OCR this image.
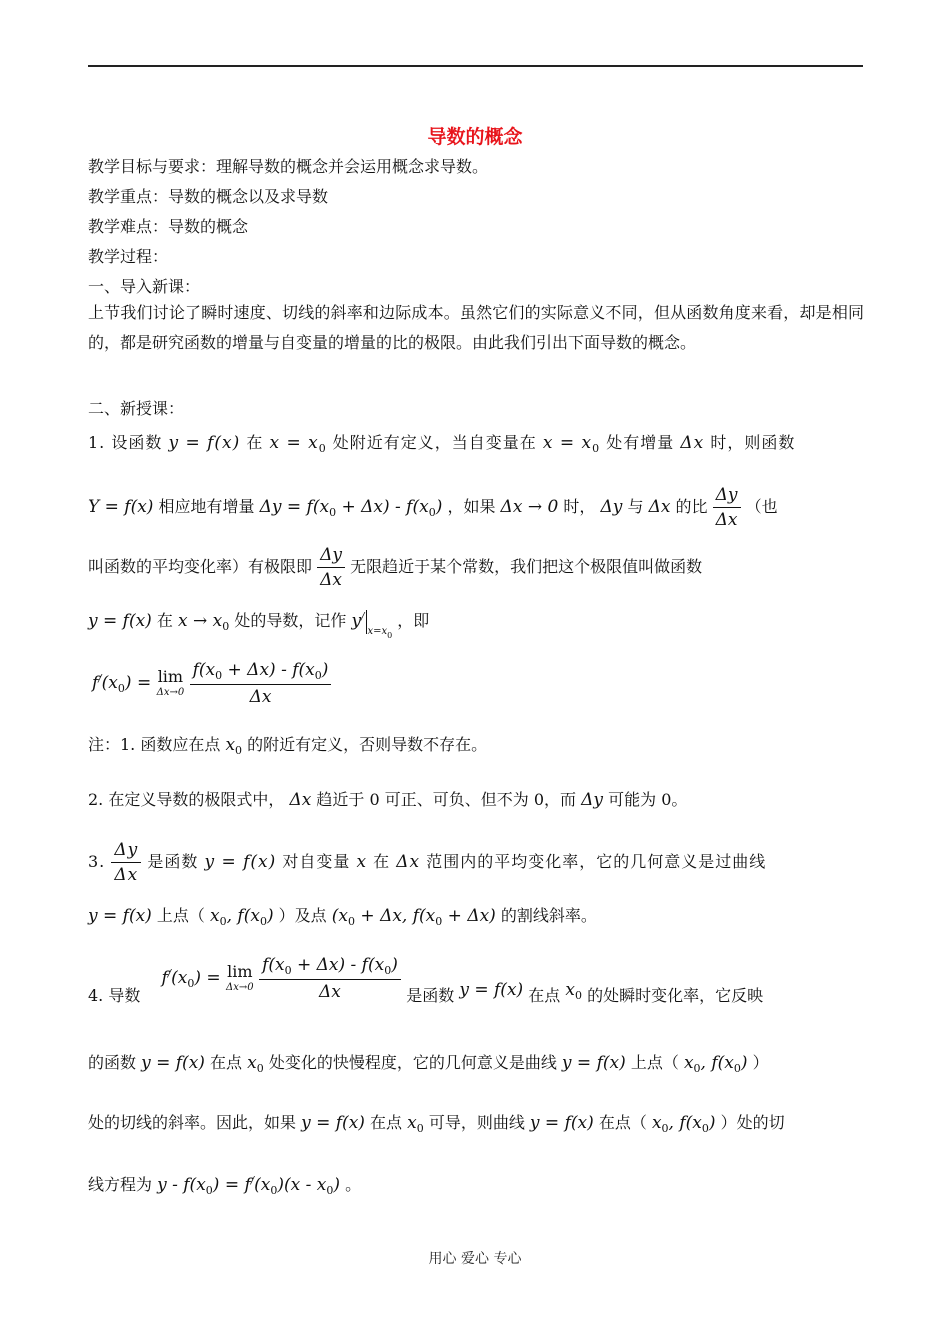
导数的概念
教学目标与要求：理解导数的概念并会运用概念求导数。
教学重点：导数的概念以及求导数
教学难点：导数的概念
教学过程：
一、导入新课：
上节我们讨论了瞬时速度、切线的斜率和边际成本。虽然它们的实际意义不同，但从函数角度来看，却是相同的，都是研究函数的增量与自变量的增量的比的极限。由此我们引出下面导数的概念。
二、新授课：
1. 设函数 y = f(x) 在 $x = x_0$ 处附近有定义，当自变量在 $x = x_0$ 处有增量 Δx 时，则函数
Y = f(x) 相应地有增量 $\Delta y = f(x_0 + \Delta x) - f(x_0)$ ，如果 Δx → 0 时， Δy 与 Δx 的比 $\frac{\Delta y}{\Delta x}$ （也
叫函数的平均变化率）有极限即 $\frac{\Delta y}{\Delta x}$ 无限趋近于某个常数，我们把这个极限值叫做函数
y = f(x) 在 $x \to x_0$ 处的导数，记作 $y^/_{x=x_0}$ ，即
$f^/(x_0) = \lim$
Δx→0
$\frac{f(x_0 + \Delta x) - f(x_0)}{\Delta x}$
注：1. 函数应在点 $x_0$ 的附近有定义，否则导数不存在。
2. 在定义导数的极限式中， Δx 趋近于 0 可正、可负、但不为 0，而 Δy 可能为 0。
3. $\frac{\Delta y}{\Delta x}$ 是函数 y = f(x) 对自变量 x 在 Δx 范围内的平均变化率，它的几何意义是过曲线
y = f(x) 上点（ $x_0$, $f(x_0)$ ）及点 ($x_0 + \Delta x$, $f(x_0 + \Delta x)$ 的割线斜率。
4. 导数 $f^/(x_0) = \lim$
Δx→0
$\frac{f(x_0 + \Delta x) - f(x_0)}{\Delta x}$ 是函数 y = f(x) 在点 $x_0$ 的处瞬时变化率，它反映
的函数 y = f(x) 在点 $x_0$ 处变化的快慢程度，它的几何意义是曲线 y = f(x) 上点（ $x_0$, $f(x_0)$ ）
处的切线的斜率。因此，如果 y = f(x) 在点 $x_0$ 可导，则曲线 y = f(x) 在点（ $x_0$, $f(x_0)$ ）处的切
线方程为 $y - f(x_0) = f^/(x_0)(x - x_0)$ 。
用心 爱心 专心
